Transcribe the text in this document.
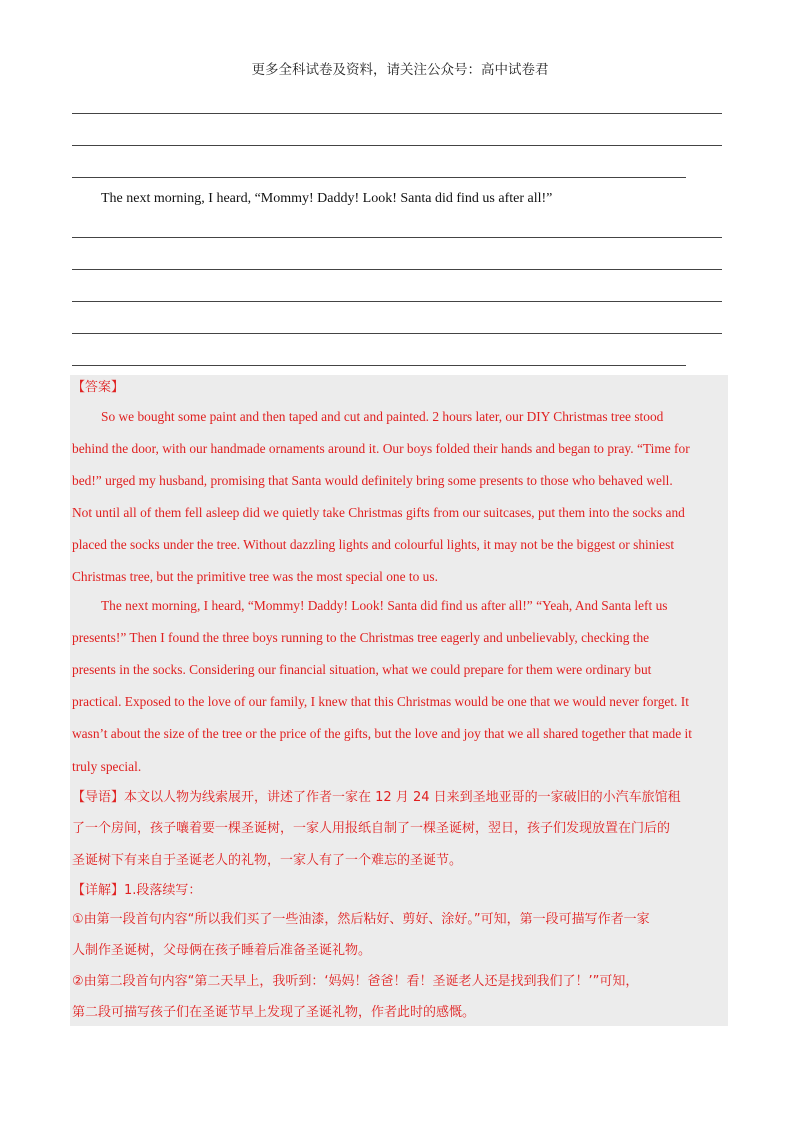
更多全科试卷及资料，请关注公众号：高中试卷君
The next morning, I heard, “Mommy! Daddy! Look! Santa did find us after all!”
【答案】
So we bought some paint and then taped and cut and painted. 2 hours later, our DIY Christmas tree stood
behind the door, with our handmade ornaments around it. Our boys folded their hands and began to pray. “Time for
bed!” urged my husband, promising that Santa would definitely bring some presents to those who behaved well.
Not until all of them fell asleep did we quietly take Christmas gifts from our suitcases, put them into the socks and
placed the socks under the tree. Without dazzling lights and colourful lights, it may not be the biggest or shiniest
Christmas tree, but the primitive tree was the most special one to us.
The next morning, I heard, “Mommy! Daddy! Look! Santa did find us after all!” “Yeah, And Santa left us
presents!” Then I found the three boys running to the Christmas tree eagerly and unbelievably, checking the
presents in the socks. Considering our financial situation, what we could prepare for them were ordinary but
practical. Exposed to the love of our family, I knew that this Christmas would be one that we would never forget. It
wasn’t about the size of the tree or the price of the gifts, but the love and joy that we all shared together that made it
truly special.
【导语】本文以人物为线索展开，讲述了作者一家在 12 月 24 日来到圣地亚哥的一家破旧的小汽车旅馆租
了一个房间，孩子嚷着要一棵圣诞树，一家人用报纸自制了一棵圣诞树，翌日，孩子们发现放置在门后的
圣诞树下有来自于圣诞老人的礼物，一家人有了一个难忘的圣诞节。
【详解】1.段落续写：
①由第一段首句内容“所以我们买了一些油漆，然后粘好、剪好、涂好。”可知，第一段可描写作者一家
人制作圣诞树，父母俩在孩子睡着后准备圣诞礼物。
②由第二段首句内容“第二天早上，我听到：‘妈妈！爸爸！看！圣诞老人还是找到我们了！’”可知，
第二段可描写孩子们在圣诞节早上发现了圣诞礼物，作者此时的感慨。
